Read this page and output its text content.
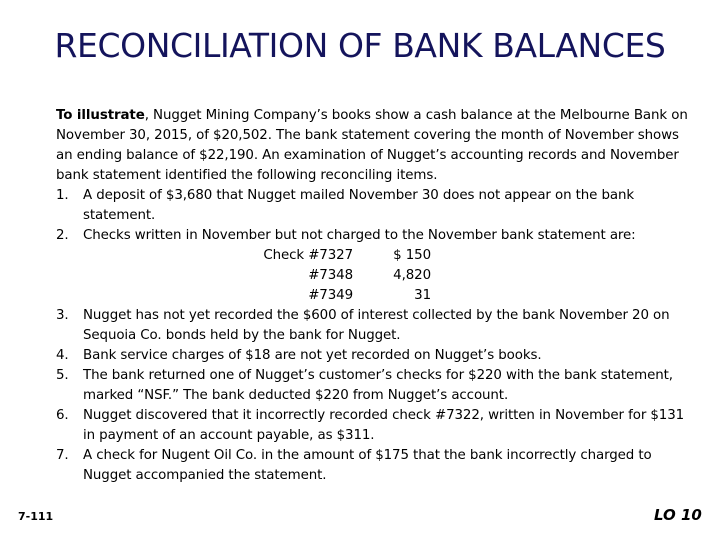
RECONCILIATION OF BANK BALANCES
To illustrate, Nugget Mining Company’s books show a cash balance at the Melbourne Bank on November 30, 2015, of $20,502. The bank statement covering the month of November shows an ending balance of $22,190. An examination of Nugget’s accounting records and November bank statement identified the following reconciling items.
1. A deposit of $3,680 that Nugget mailed November 30 does not appear on the bank statement.
2. Checks written in November but not charged to the November bank statement are:
Check #7327	$ 150
#7348	4,820
#7349	31
3. Nugget has not yet recorded the $600 of interest collected by the bank November 20 on Sequoia Co. bonds held by the bank for Nugget.
4. Bank service charges of $18 are not yet recorded on Nugget’s books.
5. The bank returned one of Nugget’s customer’s checks for $220 with the bank statement, marked “NSF.” The bank deducted $220 from Nugget’s account.
6. Nugget discovered that it incorrectly recorded check #7322, written in November for $131 in payment of an account payable, as $311.
7. A check for Nugent Oil Co. in the amount of $175 that the bank incorrectly charged to Nugget accompanied the statement.
7-111	LO 10
